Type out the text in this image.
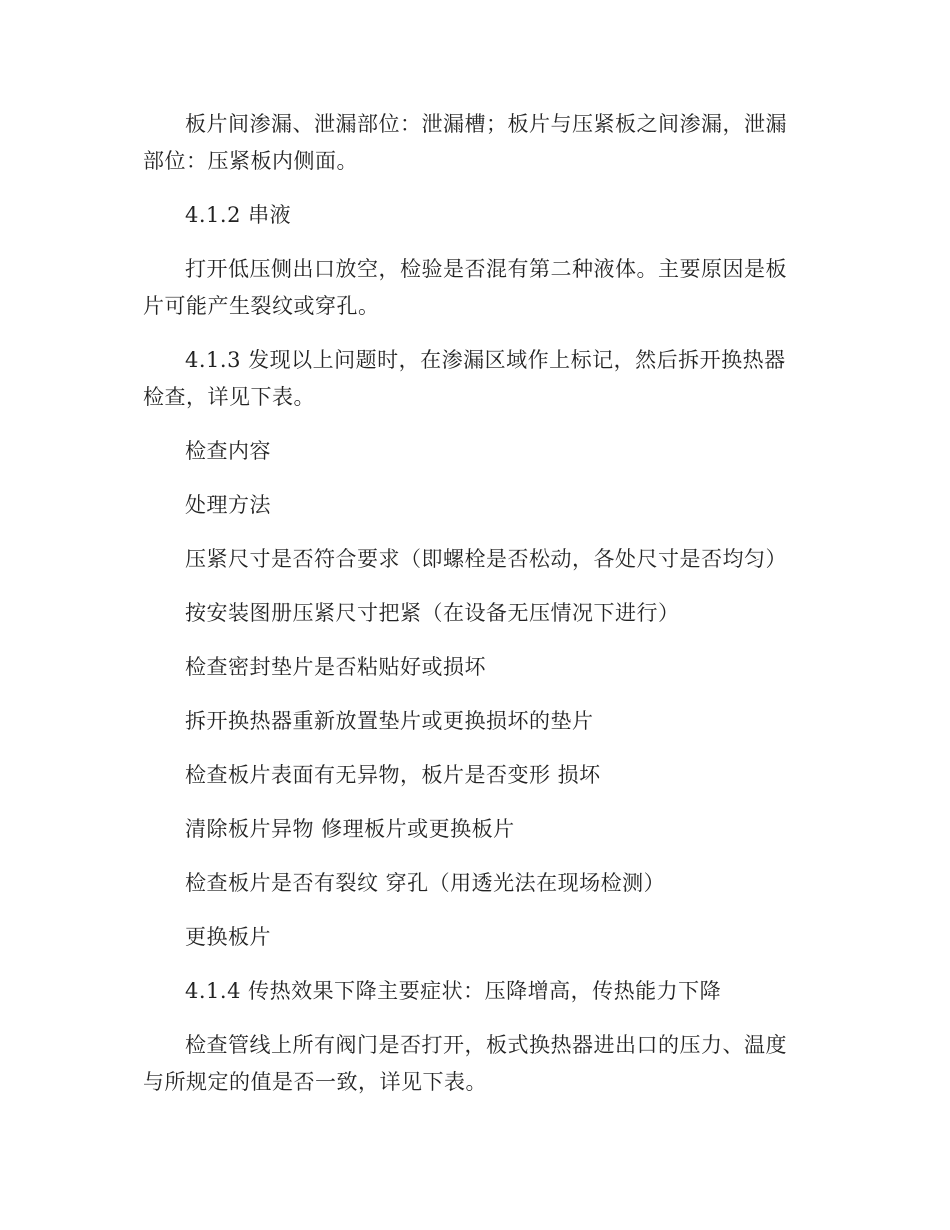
板片间渗漏、泄漏部位：泄漏槽；板片与压紧板之间渗漏，泄漏部位：压紧板内侧面。

4.1.2 串液

打开低压侧出口放空，检验是否混有第二种液体。主要原因是板片可能产生裂纹或穿孔。

4.1.3 发现以上问题时，在渗漏区域作上标记，然后拆开换热器检查，详见下表。

检查内容

处理方法

压紧尺寸是否符合要求（即螺栓是否松动，各处尺寸是否均匀）

按安装图册压紧尺寸把紧（在设备无压情况下进行）

检查密封垫片是否粘贴好或损坏

拆开换热器重新放置垫片或更换损坏的垫片

检查板片表面有无异物，板片是否变形 损坏

清除板片异物 修理板片或更换板片

检查板片是否有裂纹 穿孔（用透光法在现场检测）

更换板片

4.1.4 传热效果下降主要症状：压降增高，传热能力下降

检查管线上所有阀门是否打开，板式换热器进出口的压力、温度与所规定的值是否一致，详见下表。
